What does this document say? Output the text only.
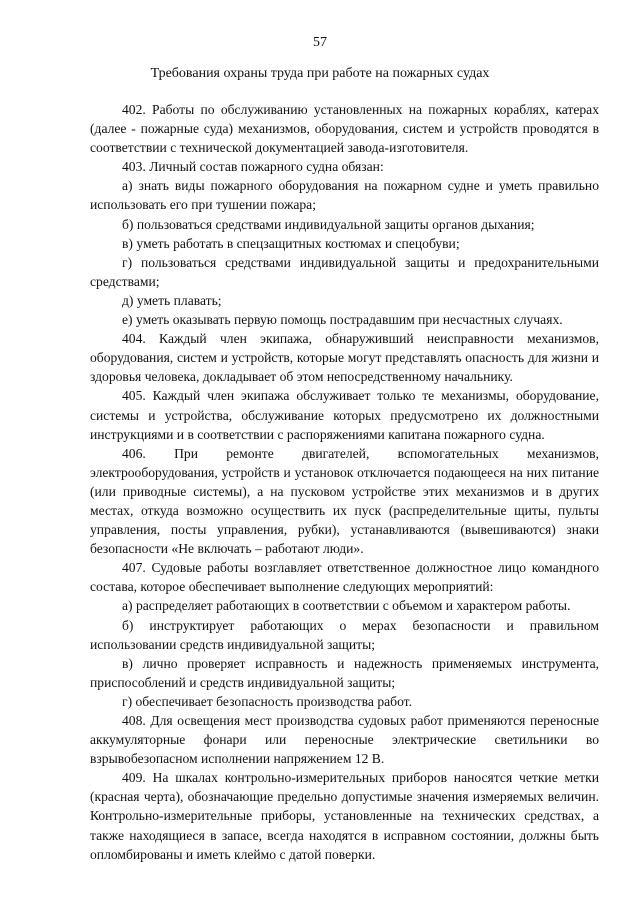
57
Требования охраны труда при работе на пожарных судах

402. Работы по обслуживанию установленных на пожарных кораблях, катерах (далее - пожарные суда) механизмов, оборудования, систем и устройств проводятся в соответствии с технической документацией завода-изготовителя.

403. Личный состав пожарного судна обязан:

а) знать виды пожарного оборудования на пожарном судне и уметь правильно использовать его при тушении пожара;

б) пользоваться средствами индивидуальной защиты органов дыхания;

в) уметь работать в спецзащитных костюмах и спецобуви;

г) пользоваться средствами индивидуальной защиты и предохранительными средствами;

д) уметь плавать;

е) уметь оказывать первую помощь пострадавшим при несчастных случаях.

404. Каждый член экипажа, обнаруживший неисправности механизмов, оборудования, систем и устройств, которые могут представлять опасность для жизни и здоровья человека, докладывает об этом непосредственному начальнику.

405. Каждый член экипажа обслуживает только те механизмы, оборудование, системы и устройства, обслуживание которых предусмотрено их должностными инструкциями и в соответствии с распоряжениями капитана пожарного судна.

406. При ремонте двигателей, вспомогательных механизмов, электрооборудования, устройств и установок отключается подающееся на них питание (или приводные системы), а на пусковом устройстве этих механизмов и в других местах, откуда возможно осуществить их пуск (распределительные щиты, пульты управления, посты управления, рубки), устанавливаются (вывешиваются) знаки безопасности «Не включать – работают люди».

407. Судовые работы возглавляет ответственное должностное лицо командного состава, которое обеспечивает выполнение следующих мероприятий:

а) распределяет работающих в соответствии с объемом и характером работы.

б) инструктирует работающих о мерах безопасности и правильном использовании средств индивидуальной защиты;

в) лично проверяет исправность и надежность применяемых инструмента, приспособлений и средств индивидуальной защиты;

г) обеспечивает безопасность производства работ.

408. Для освещения мест производства судовых работ применяются переносные аккумуляторные фонари или переносные электрические светильники во взрывобезопасном исполнении напряжением 12 В.

409. На шкалах контрольно-измерительных приборов наносятся четкие метки (красная черта), обозначающие предельно допустимые значения измеряемых величин. Контрольно-измерительные приборы, установленные на технических средствах, а также находящиеся в запасе, всегда находятся в исправном состоянии, должны быть опломбированы и иметь клеймо с датой поверки.
